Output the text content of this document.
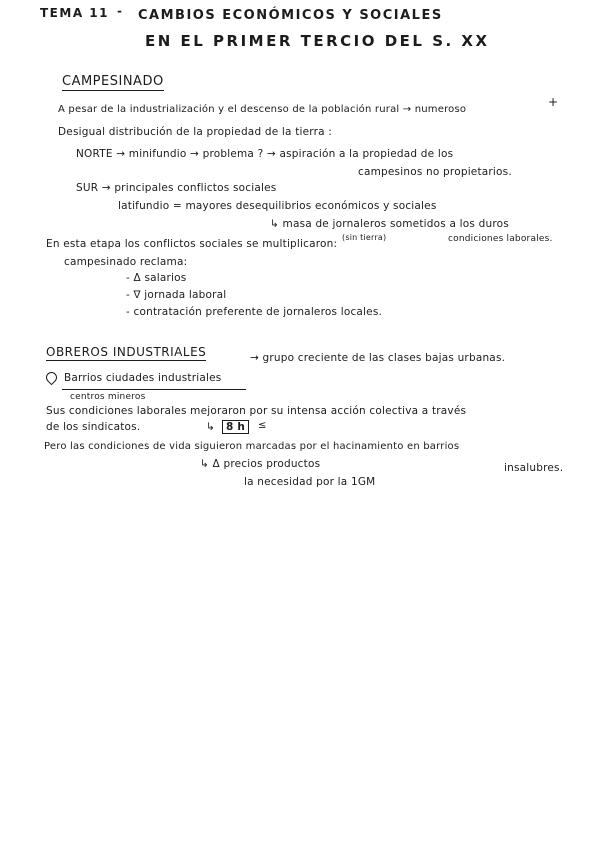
TEMA 11 - CAMBIOS ECONÓMICOS Y SOCIALES
EN EL PRIMER TERCIO DEL S. XX
CAMPESINADO
+
A pesar de la industrialización y el descenso de la población rural → numeroso
Desigual distribución de la propiedad de la tierra :
NORTE → minifundio → problema ? → aspiración a la propiedad de los
campesinos no propietarios.
SUR → principales conflictos sociales
latifundio = mayores desequilibrios económicos y sociales
↳ masa de jornaleros sometidos a los duros
(sin tierra)	condiciones laborales.
En esta etapa los conflictos sociales se multiplicaron:
campesinado reclama:
- Δ salarios
- ∇ jornada laboral
- contratación preferente de jornaleros locales.
OBREROS INDUSTRIALES	→ grupo creciente de las clases bajas urbanas.
Barrios ciudades industriales
centros mineros
Sus condiciones laborales mejoraron por su intensa acción colectiva a través
de los sindicatos.	↳	8 h	≤
Pero las condiciones de vida siguieron marcadas por el hacinamiento en barrios
↳ Δ precios productos	insalubres.
la necesidad por la 1GM
